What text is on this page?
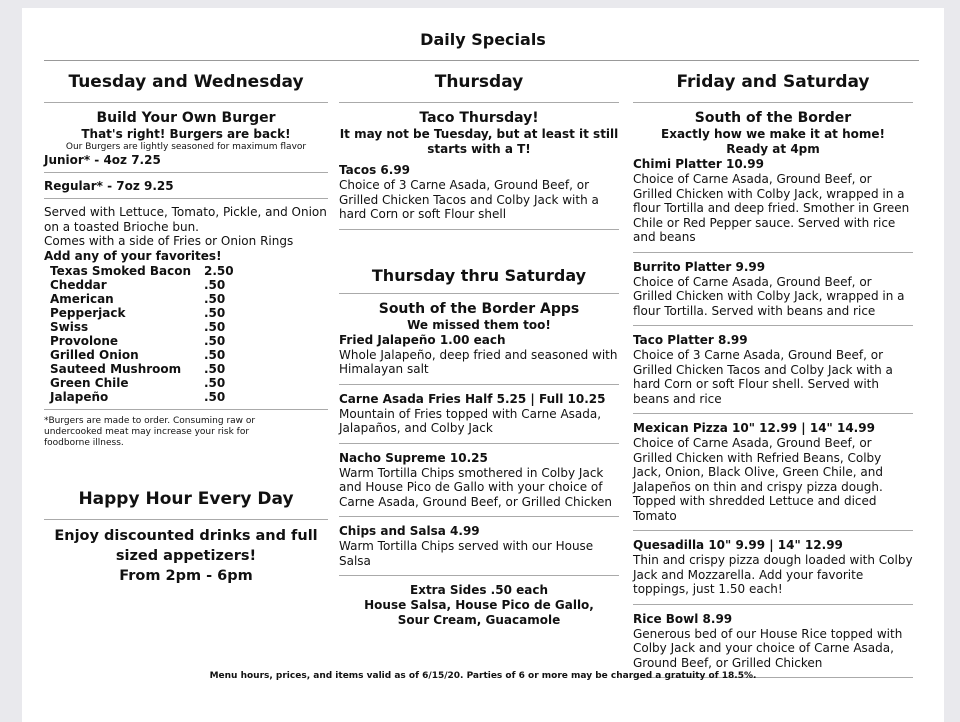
Daily Specials
Tuesday and Wednesday
Build Your Own Burger
That's right! Burgers are back!
Our Burgers are lightly seasoned for maximum flavor
Junior* - 4oz 7.25
Regular* - 7oz 9.25
Served with Lettuce, Tomato, Pickle, and Onion on a toasted Brioche bun.
Comes with a side of Fries or Onion Rings
Add any of your favorites!
Texas Smoked Bacon	2.50
Cheddar	.50
American	.50
Pepperjack	.50
Swiss	.50
Provolone	.50
Grilled Onion	.50
Sauteed Mushroom	.50
Green Chile	.50
Jalapeño	.50
*Burgers are made to order. Consuming raw or undercooked meat may increase your risk for foodborne illness.
Happy Hour Every Day
Enjoy discounted drinks and full sized appetizers!
From 2pm - 6pm
Thursday
Taco Thursday!
It may not be Tuesday, but at least it still starts with a T!
Tacos 6.99
Choice of 3 Carne Asada, Ground Beef, or Grilled Chicken Tacos and Colby Jack with a hard Corn or soft Flour shell
Thursday thru Saturday
South of the Border Apps
We missed them too!
Fried Jalapeño 1.00 each
Whole Jalapeño, deep fried and seasoned with Himalayan salt
Carne Asada Fries Half 5.25 | Full 10.25
Mountain of Fries topped with Carne Asada, Jalapaños, and Colby Jack
Nacho Supreme 10.25
Warm Tortilla Chips smothered in Colby Jack and House Pico de Gallo with your choice of Carne Asada, Ground Beef, or Grilled Chicken
Chips and Salsa 4.99
Warm Tortilla Chips served with our House Salsa
Extra Sides .50 each
House Salsa, House Pico de Gallo, Sour Cream, Guacamole
Friday and Saturday
South of the Border
Exactly how we make it at home!
Ready at 4pm
Chimi Platter 10.99
Choice of Carne Asada, Ground Beef, or Grilled Chicken with Colby Jack, wrapped in a flour Tortilla and deep fried. Smother in Green Chile or Red Pepper sauce. Served with rice and beans
Burrito Platter 9.99
Choice of Carne Asada, Ground Beef, or Grilled Chicken with Colby Jack, wrapped in a flour Tortilla. Served with beans and rice
Taco Platter 8.99
Choice of 3 Carne Asada, Ground Beef, or Grilled Chicken Tacos and Colby Jack with a hard Corn or soft Flour shell. Served with beans and rice
Mexican Pizza 10" 12.99 | 14" 14.99
Choice of Carne Asada, Ground Beef, or Grilled Chicken with Refried Beans, Colby Jack, Onion, Black Olive, Green Chile, and Jalapeños on thin and crispy pizza dough. Topped with shredded Lettuce and diced Tomato
Quesadilla 10" 9.99 | 14" 12.99
Thin and crispy pizza dough loaded with Colby Jack and Mozzarella. Add your favorite toppings, just 1.50 each!
Rice Bowl 8.99
Generous bed of our House Rice topped with Colby Jack and your choice of Carne Asada, Ground Beef, or Grilled Chicken
Menu hours, prices, and items valid as of 6/15/20. Parties of 6 or more may be charged a gratuity of 18.5%.
